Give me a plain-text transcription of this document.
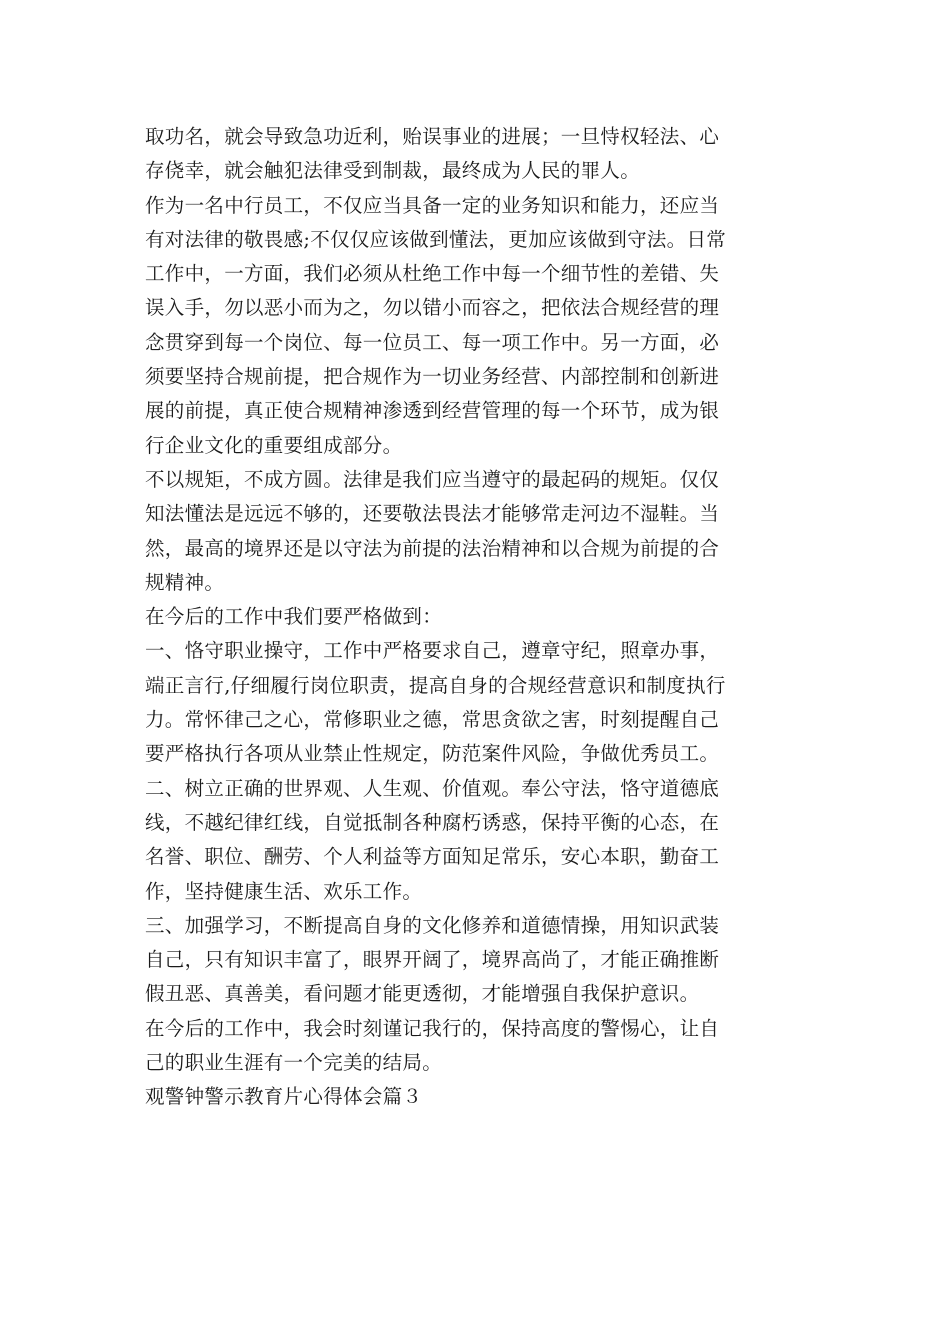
取功名，就会导致急功近利，贻误事业的进展；一旦恃权轻法、心
存侥幸，就会触犯法律受到制裁，最终成为人民的罪人。
作为一名中行员工，不仅应当具备一定的业务知识和能力，还应当
有对法律的敬畏感;不仅仅应该做到懂法，更加应该做到守法。日常
工作中，一方面，我们必须从杜绝工作中每一个细节性的差错、失
误入手，勿以恶小而为之，勿以错小而容之，把依法合规经营的理
念贯穿到每一个岗位、每一位员工、每一项工作中。另一方面，必
须要坚持合规前提，把合规作为一切业务经营、内部控制和创新进
展的前提，真正使合规精神渗透到经营管理的每一个环节，成为银
行企业文化的重要组成部分。
不以规矩，不成方圆。法律是我们应当遵守的最起码的规矩。仅仅
知法懂法是远远不够的，还要敬法畏法才能够常走河边不湿鞋。当
然，最高的境界还是以守法为前提的法治精神和以合规为前提的合
规精神。
在今后的工作中我们要严格做到：
一、恪守职业操守，工作中严格要求自己，遵章守纪，照章办事，
端正言行,仔细履行岗位职责，提高自身的合规经营意识和制度执行
力。常怀律己之心，常修职业之德，常思贪欲之害，时刻提醒自己
要严格执行各项从业禁止性规定，防范案件风险，争做优秀员工。
二、树立正确的世界观、人生观、价值观。奉公守法，恪守道德底
线，不越纪律红线，自觉抵制各种腐朽诱惑，保持平衡的心态，在
名誉、职位、酬劳、个人利益等方面知足常乐，安心本职，勤奋工
作，坚持健康生活、欢乐工作。
三、加强学习，不断提高自身的文化修养和道德情操，用知识武装
自己，只有知识丰富了，眼界开阔了，境界高尚了，才能正确推断
假丑恶、真善美，看问题才能更透彻，才能增强自我保护意识。
在今后的工作中，我会时刻谨记我行的，保持高度的警惕心，让自
己的职业生涯有一个完美的结局。
观警钟警示教育片心得体会篇３
